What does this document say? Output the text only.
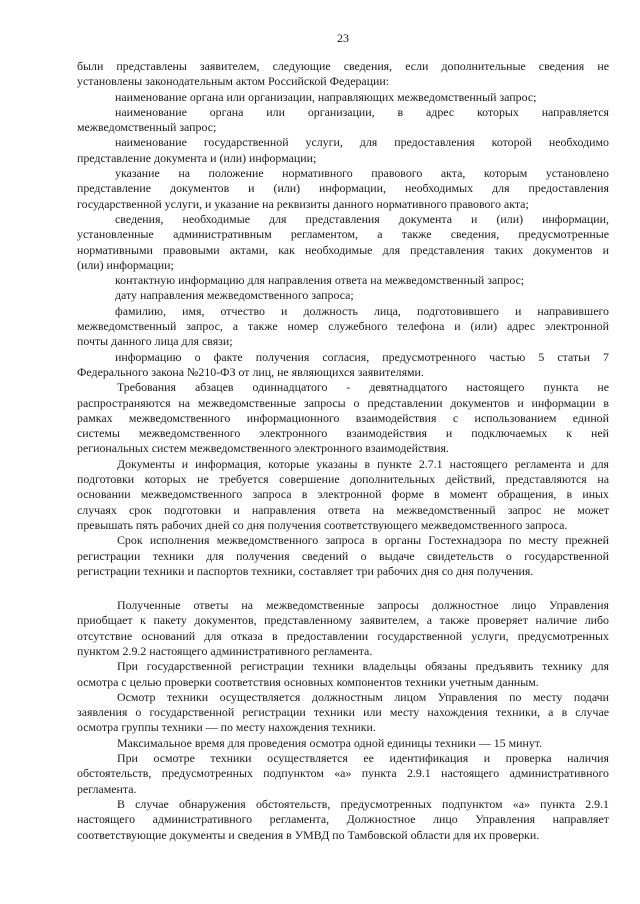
23
были представлены заявителем, следующие сведения, если дополнительные сведения не
установлены законодательным актом Российской Федерации:
наименование органа или организации, направляющих межведомственный запрос;
наименование органа или организации, в адрес которых направляется
межведомственный запрос;
наименование государственной услуги, для предоставления которой необходимо
представление документа и (или) информации;
указание на положение нормативного правового акта, которым установлено
представление документов и (или) информации, необходимых для предоставления
государственной услуги, и указание на реквизиты данного нормативного правового акта;
сведения, необходимые для представления документа и (или) информации,
установленные административным регламентом, а также сведения, предусмотренные
нормативными правовыми актами, как необходимые для представления таких документов и
(или) информации;
контактную информацию для направления ответа на межведомственный запрос;
дату направления межведомственного запроса;
фамилию, имя, отчество и должность лица, подготовившего и направившего
межведомственный запрос, а также номер служебного телефона и (или) адрес электронной
почты данного лица для связи;
информацию о факте получения согласия, предусмотренного частью 5 статьи 7
Федерального закона №210-ФЗ от лиц, не являющихся заявителями.
Требования абзацев одиннадцатого - девятнадцатого настоящего пункта не
распространяются на межведомственные запросы о представлении документов и информации в
рамках межведомственного информационного взаимодействия с использованием единой
системы межведомственного электронного взаимодействия и подключаемых к ней
региональных систем межведомственного электронного взаимодействия.
Документы и информация, которые указаны в пункте 2.7.1 настоящего регламента и для
подготовки которых не требуется совершение дополнительных действий, представляются на
основании межведомственного запроса в электронной форме в момент обращения, в иных
случаях срок подготовки и направления ответа на межведомственный запрос не может
превышать пять рабочих дней со дня получения соответствующего межведомственного запроса.
Срок исполнения межведомственного запроса в органы Гостехнадзора по месту прежней
регистрации техники для получения сведений о выдаче свидетельств о государственной
регистрации техники и паспортов техники, составляет три рабочих дня со дня получения.
Полученные ответы на межведомственные запросы должностное лицо Управления
приобщает к пакету документов, представленному заявителем, а также проверяет наличие либо
отсутствие оснований для отказа в предоставлении государственной услуги, предусмотренных
пунктом 2.9.2 настоящего административного регламента.
При государственной регистрации техники владельцы обязаны предъявить технику для
осмотра с целью проверки соответствия основных компонентов техники учетным данным.
Осмотр техники осуществляется должностным лицом Управления по месту подачи
заявления о государственной регистрации техники или месту нахождения техники, а в случае
осмотра группы техники — по месту нахождения техники.
Максимальное время для проведения осмотра одной единицы техники — 15 минут.
При осмотре техники осуществляется ее идентификация и проверка наличия
обстоятельств, предусмотренных подпунктом «а» пункта 2.9.1 настоящего административного
регламента.
В случае обнаружения обстоятельств, предусмотренных подпунктом «а» пункта 2.9.1
настоящего административного регламента, Должностное лицо Управления направляет
соответствующие документы и сведения в УМВД по Тамбовской области для их проверки.
